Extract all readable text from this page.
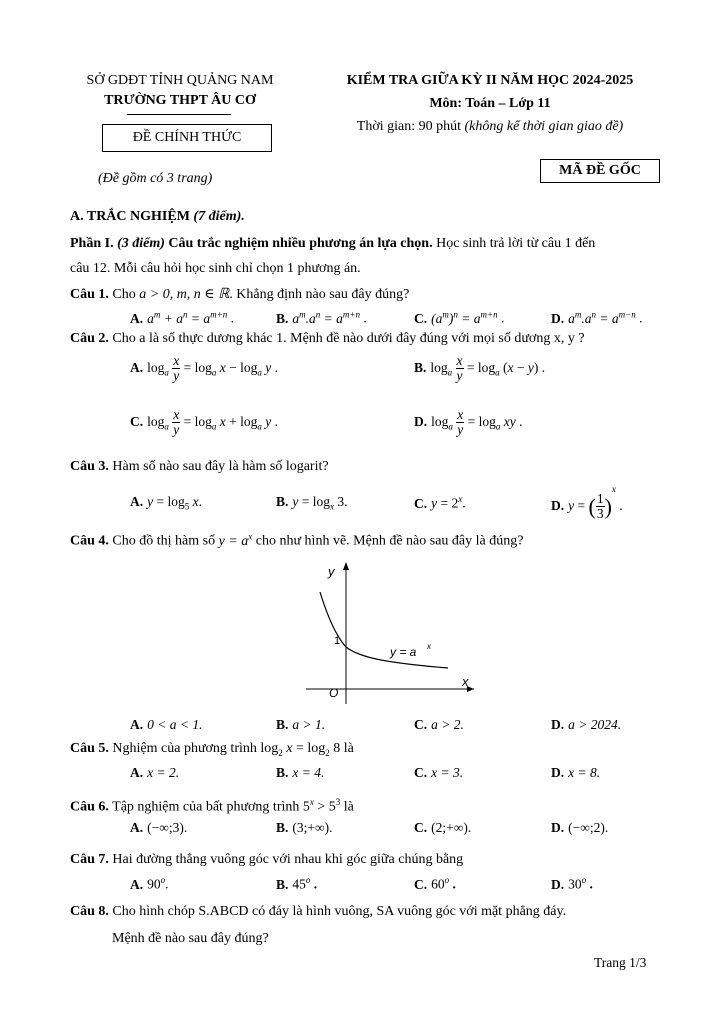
SỞ GDĐT TỈNH QUẢNG NAM
TRƯỜNG THPT ÂU CƠ
ĐỀ CHÍNH THỨC
(Đề gồm có 3 trang)
KIỂM TRA GIỮA KỲ II NĂM HỌC 2024-2025
Môn: Toán – Lớp 11
Thời gian: 90 phút (không kể thời gian giao đề)
MÃ ĐỀ GỐC
A. TRẮC NGHIỆM (7 điểm).
Phần I. (3 điểm) Câu trắc nghiệm nhiều phương án lựa chọn. Học sinh trả lời từ câu 1 đến
câu 12. Mỗi câu hỏi học sinh chỉ chọn 1 phương án.
Câu 1. Cho a > 0, m, n ∈ ℝ. Khẳng định nào sau đây đúng?
A. $a^m + a^n = a^{m+n}$ .	B. $a^m.a^n = a^{m+n}$ .	C. $(a^m)^n = a^{m+n}$ .	D. $a^m.a^n = a^{m-n}$ .
Câu 2. Cho a là số thực dương khác 1. Mệnh đề nào dưới đây đúng với mọi số dương x, y ?
A. $\log_a \frac{x}{y} = \log_a x - \log_a y$ .	B. $\log_a \frac{x}{y} = \log_a (x - y)$ .
C. $\log_a \frac{x}{y} = \log_a x + \log_a y$ .	D. $\log_a \frac{x}{y} = \log_a$ xy .
Câu 3. Hàm số nào sau đây là hàm số logarit?
A. $y = \log_5 x$.	B. $y = \log_x 3$.	C. $y = 2^x$.	D. y = ( $\frac{1}{3} )^x$ .
Câu 4. Cho đồ thị hàm số $y = a^x$ cho như hình vẽ. Mệnh đề nào sau đây là đúng?
y
x
O
1
y = a x
A. 0 < a < 1.	B. a > 1.	C. a > 2.	D. a > 2024.
Câu 5. Nghiệm của phương trình $\log_2 x = \log_2 8$ là
A. x = 2.	B. x = 4.	C. x = 3.	D. x = 8.
Câu 6. Tập nghiệm của bất phương trình $5^x > 5^3$ là
A. (−∞;3).	B. (3;+∞).	C. (2;+∞).	D. (−∞;2).
Câu 7. Hai đường thẳng vuông góc với nhau khi góc giữa chúng bằng
A. 90$^o$.	B. 45$^o$ .	C. 60$^o$ .	D. 30$^o$ .
Câu 8. Cho hình chóp S.ABCD có đáy là hình vuông, SA vuông góc với mặt phẳng đáy.
Mệnh đề nào sau đây đúng?
Trang 1/3
